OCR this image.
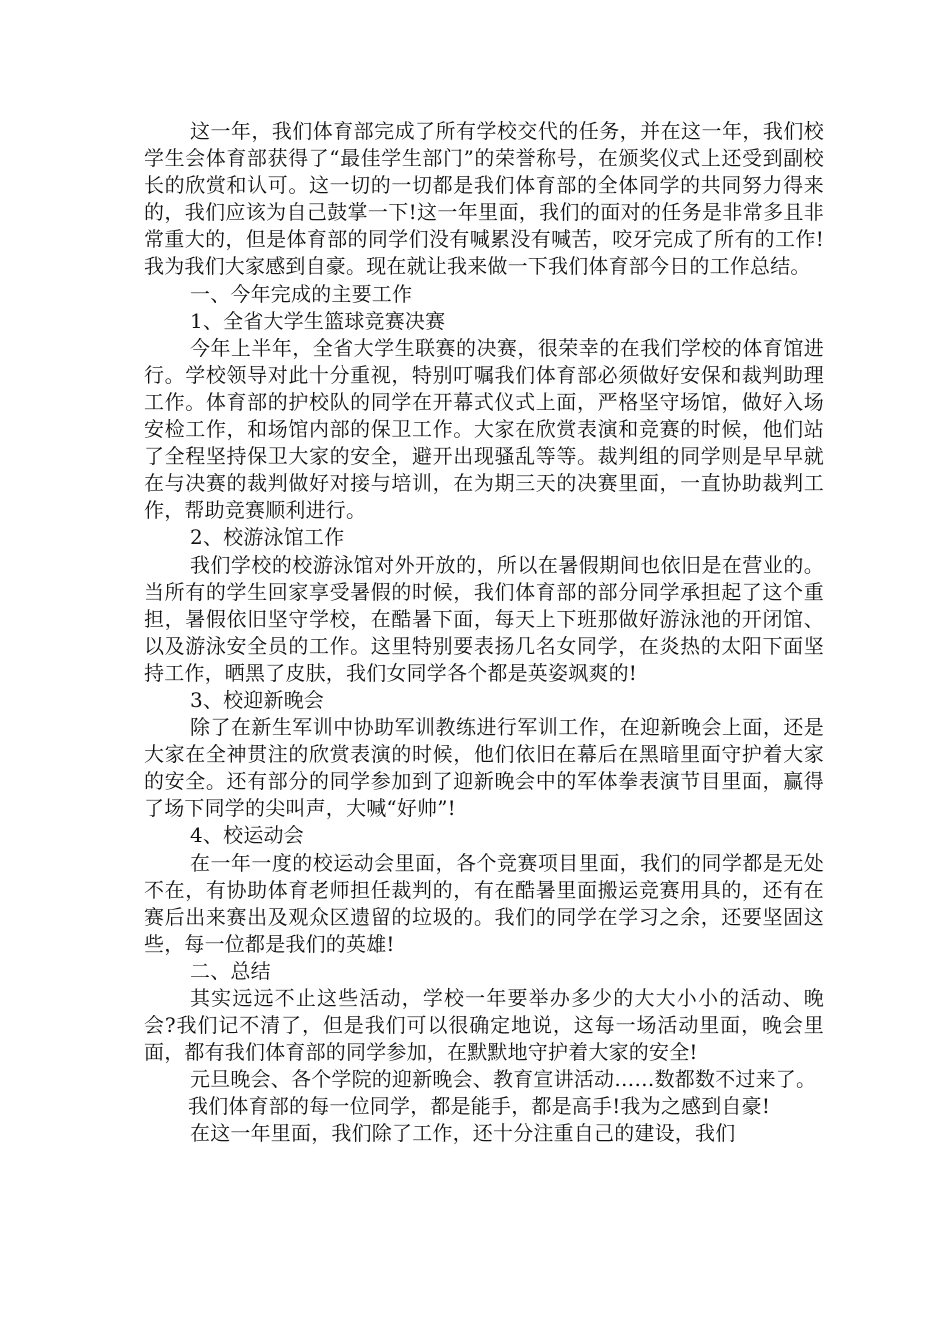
这一年，我们体育部完成了所有学校交代的任务，并在这一年，我们校学生会体育部获得了“最佳学生部门”的荣誉称号，在颁奖仪式上还受到副校长的欣赏和认可。这一切的一切都是我们体育部的全体同学的共同努力得来的，我们应该为自己鼓掌一下!这一年里面，我们的面对的任务是非常多且非常重大的，但是体育部的同学们没有喊累没有喊苦，咬牙完成了所有的工作!我为我们大家感到自豪。现在就让我来做一下我们体育部今日的工作总结。

一、今年完成的主要工作

1、全省大学生篮球竞赛决赛

今年上半年，全省大学生联赛的决赛，很荣幸的在我们学校的体育馆进行。学校领导对此十分重视，特别叮嘱我们体育部必须做好安保和裁判助理工作。体育部的护校队的同学在开幕式仪式上面，严格坚守场馆，做好入场安检工作，和场馆内部的保卫工作。大家在欣赏表演和竞赛的时候，他们站了全程坚持保卫大家的安全，避开出现骚乱等等。裁判组的同学则是早早就在与决赛的裁判做好对接与培训，在为期三天的决赛里面，一直协助裁判工作，帮助竞赛顺利进行。

2、校游泳馆工作

我们学校的校游泳馆对外开放的，所以在暑假期间也依旧是在营业的。当所有的学生回家享受暑假的时候，我们体育部的部分同学承担起了这个重担，暑假依旧坚守学校，在酷暑下面，每天上下班那做好游泳池的开闭馆、以及游泳安全员的工作。这里特别要表扬几名女同学，在炎热的太阳下面坚持工作，晒黑了皮肤，我们女同学各个都是英姿飒爽的!

3、校迎新晚会

除了在新生军训中协助军训教练进行军训工作，在迎新晚会上面，还是大家在全神贯注的欣赏表演的时候，他们依旧在幕后在黑暗里面守护着大家的安全。还有部分的同学参加到了迎新晚会中的军体拳表演节目里面，赢得了场下同学的尖叫声，大喊“好帅”!

4、校运动会

在一年一度的校运动会里面，各个竞赛项目里面，我们的同学都是无处不在，有协助体育老师担任裁判的，有在酷暑里面搬运竞赛用具的，还有在赛后出来赛出及观众区遗留的垃圾的。我们的同学在学习之余，还要坚固这些，每一位都是我们的英雄!

二、总结

其实远远不止这些活动，学校一年要举办多少的大大小小的活动、晚会?我们记不清了，但是我们可以很确定地说，这每一场活动里面，晚会里面，都有我们体育部的同学参加，在默默地守护着大家的安全!

元旦晚会、各个学院的迎新晚会、教育宣讲活动……数都数不过来了。

我们体育部的每一位同学，都是能手，都是高手!我为之感到自豪!

在这一年里面，我们除了工作，还十分注重自己的建设，我们
